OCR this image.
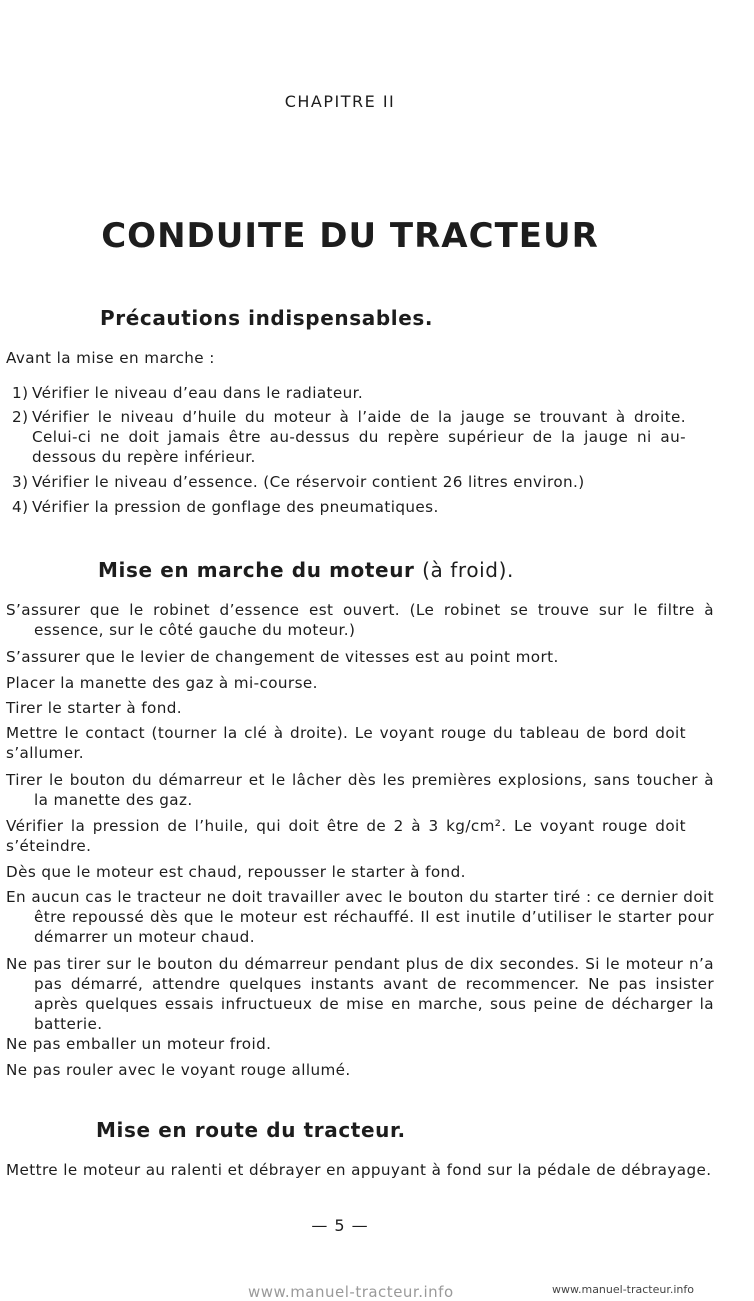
CHAPITRE II
CONDUITE DU TRACTEUR
Précautions indispensables.
Avant la mise en marche :
1) Vérifier le niveau d’eau dans le radiateur.
2) Vérifier le niveau d’huile du moteur à l’aide de la jauge se trouvant à droite. Celui-ci ne doit jamais être au-dessus du repère supérieur de la jauge ni au-dessous du repère inférieur.
3) Vérifier le niveau d’essence. (Ce réservoir contient 26 litres environ.)
4) Vérifier la pression de gonflage des pneumatiques.
Mise en marche du moteur (à froid).
S’assurer que le robinet d’essence est ouvert. (Le robinet se trouve sur le filtre à essence, sur le côté gauche du moteur.)
S’assurer que le levier de changement de vitesses est au point mort.
Placer la manette des gaz à mi-course.
Tirer le starter à fond.
Mettre le contact (tourner la clé à droite). Le voyant rouge du tableau de bord doit s’allumer.
Tirer le bouton du démarreur et le lâcher dès les premières explosions, sans toucher à la manette des gaz.
Vérifier la pression de l’huile, qui doit être de 2 à 3 kg/cm². Le voyant rouge doit s’éteindre.
Dès que le moteur est chaud, repousser le starter à fond.
En aucun cas le tracteur ne doit travailler avec le bouton du starter tiré : ce dernier doit être repoussé dès que le moteur est réchauffé. Il est inutile d’utiliser le starter pour démarrer un moteur chaud.
Ne pas tirer sur le bouton du démarreur pendant plus de dix secondes. Si le moteur n’a pas démarré, attendre quelques instants avant de recommencer. Ne pas insister après quelques essais infructueux de mise en marche, sous peine de décharger la batterie.
Ne pas emballer un moteur froid.
Ne pas rouler avec le voyant rouge allumé.
Mise en route du tracteur.
Mettre le moteur au ralenti et débrayer en appuyant à fond sur la pédale de débrayage.
— 5 —
www.manuel-tracteur.info	www.manuel-tracteur.info
